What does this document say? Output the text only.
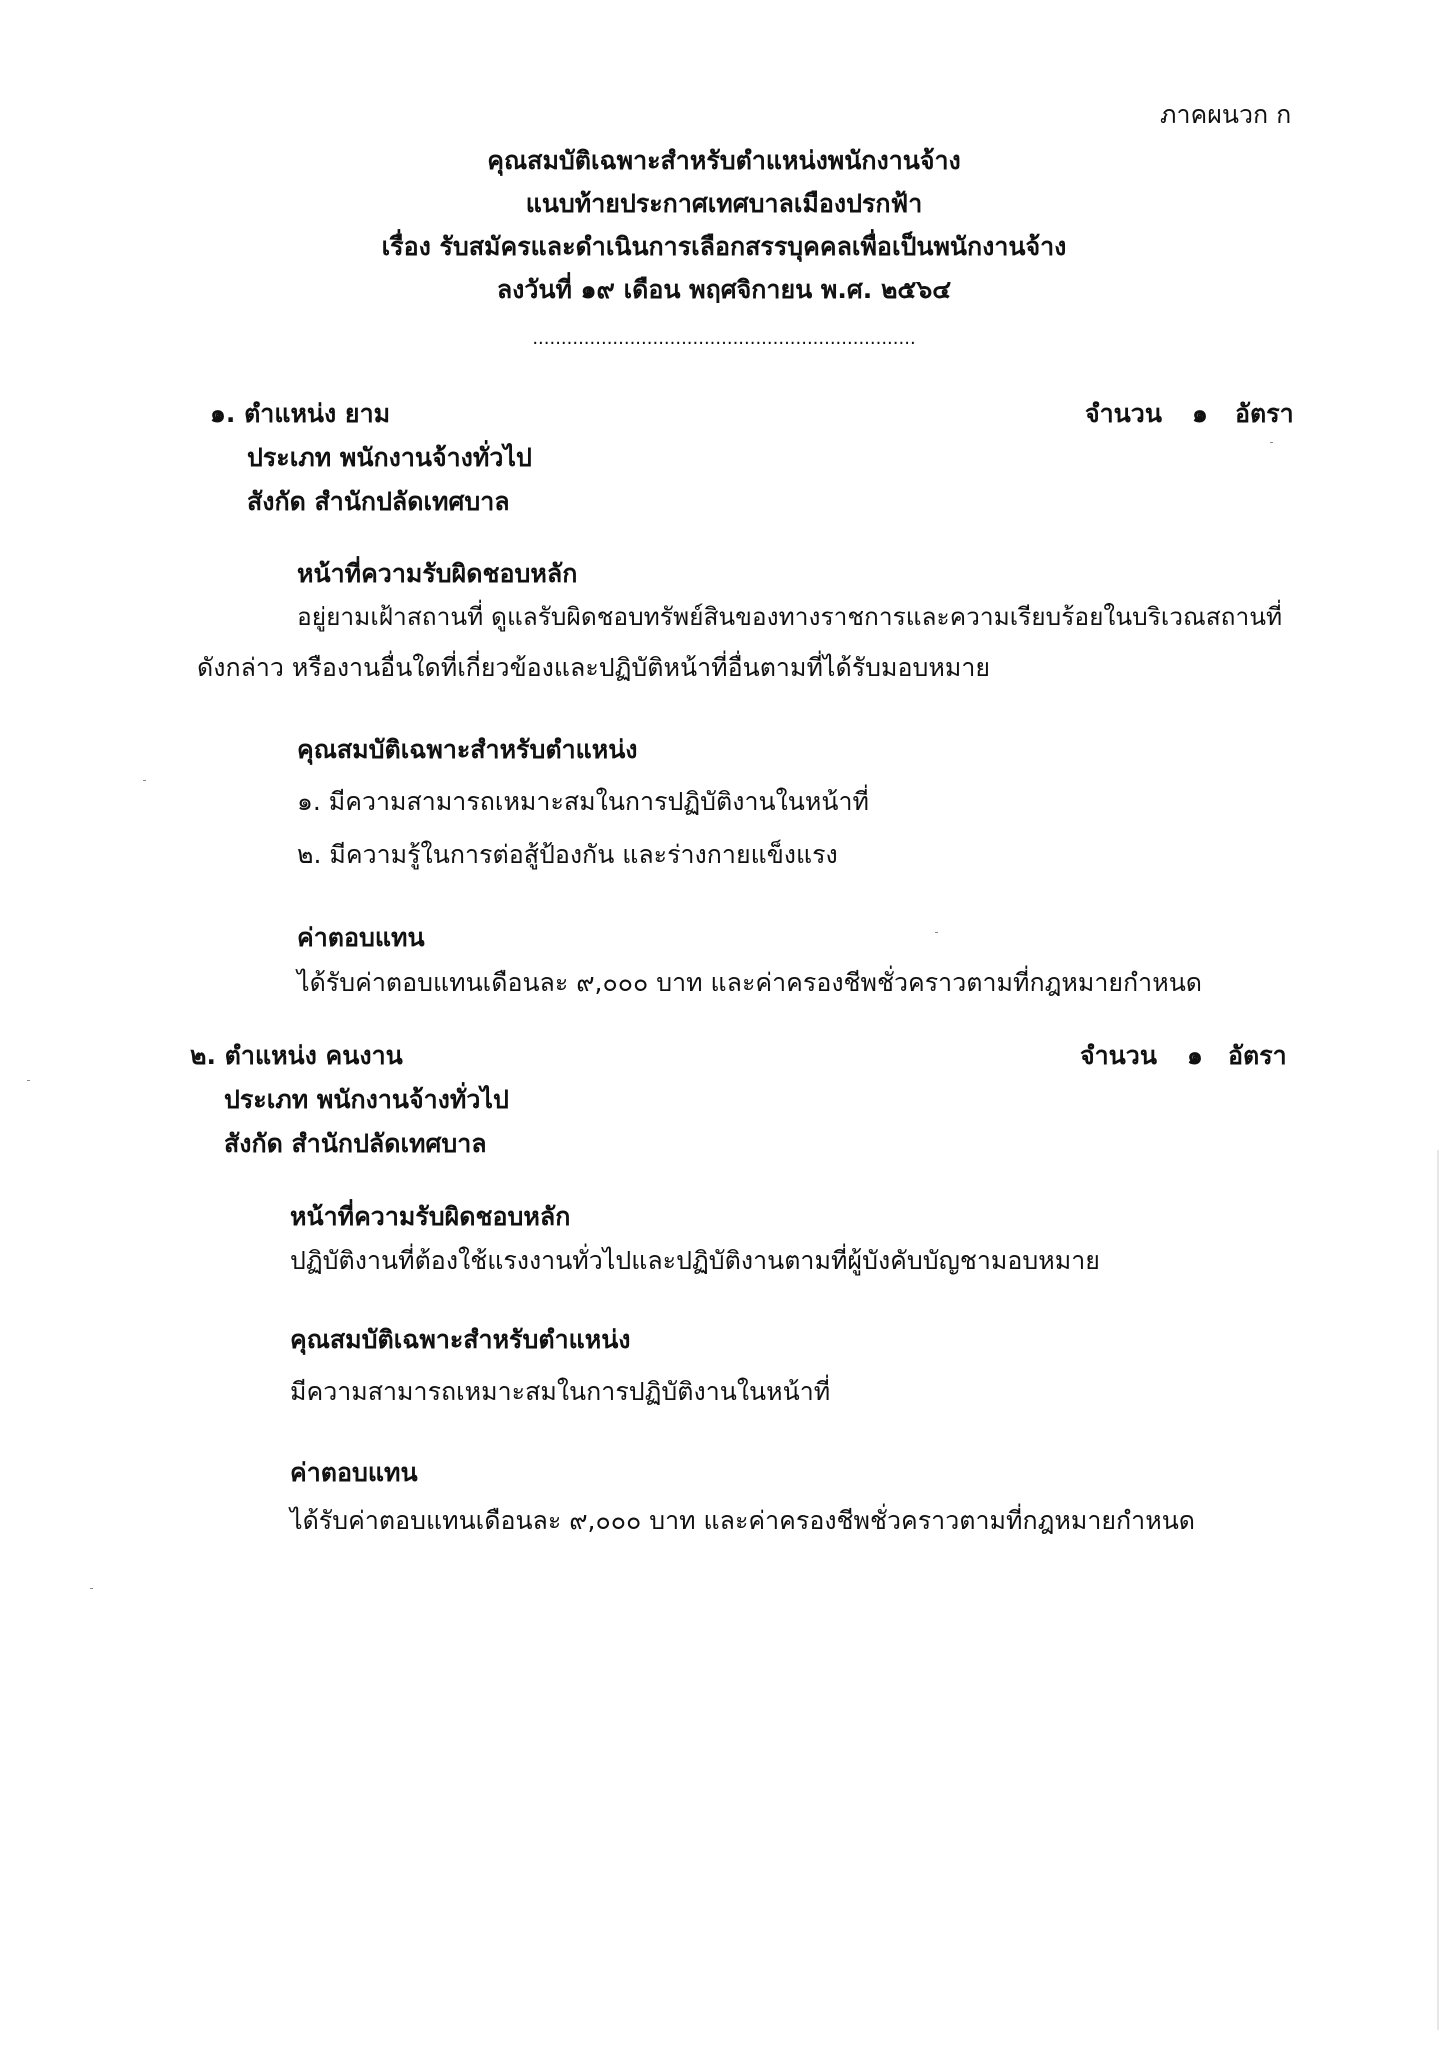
ภาคผนวก ก
คุณสมบัติเฉพาะสำหรับตำแหน่งพนักงานจ้าง
แนบท้ายประกาศเทศบาลเมืองปรกฟ้า
เรื่อง รับสมัครและดำเนินการเลือกสรรบุคคลเพื่อเป็นพนักงานจ้าง
ลงวันที่ ๑๙ เดือน พฤศจิกายน พ.ศ. ๒๕๖๔
...................................................................
๑. ตำแหน่ง ยาม	จำนวน ๑ อัตรา
ประเภท พนักงานจ้างทั่วไป
สังกัด สำนักปลัดเทศบาล
หน้าที่ความรับผิดชอบหลัก
อยู่ยามเฝ้าสถานที่ ดูแลรับผิดชอบทรัพย์สินของทางราชการและความเรียบร้อยในบริเวณสถานที่
ดังกล่าว หรืองานอื่นใดที่เกี่ยวข้องและปฏิบัติหน้าที่อื่นตามที่ได้รับมอบหมาย
คุณสมบัติเฉพาะสำหรับตำแหน่ง
๑. มีความสามารถเหมาะสมในการปฏิบัติงานในหน้าที่
๒. มีความรู้ในการต่อสู้ป้องกัน และร่างกายแข็งแรง
ค่าตอบแทน
ได้รับค่าตอบแทนเดือนละ ๙,๐๐๐ บาท และค่าครองชีพชั่วคราวตามที่กฎหมายกำหนด
๒. ตำแหน่ง คนงาน	จำนวน ๑ อัตรา
ประเภท พนักงานจ้างทั่วไป
สังกัด สำนักปลัดเทศบาล
หน้าที่ความรับผิดชอบหลัก
ปฏิบัติงานที่ต้องใช้แรงงานทั่วไปและปฏิบัติงานตามที่ผู้บังคับบัญชามอบหมาย
คุณสมบัติเฉพาะสำหรับตำแหน่ง
มีความสามารถเหมาะสมในการปฏิบัติงานในหน้าที่
ค่าตอบแทน
ได้รับค่าตอบแทนเดือนละ ๙,๐๐๐ บาท และค่าครองชีพชั่วคราวตามที่กฎหมายกำหนด
